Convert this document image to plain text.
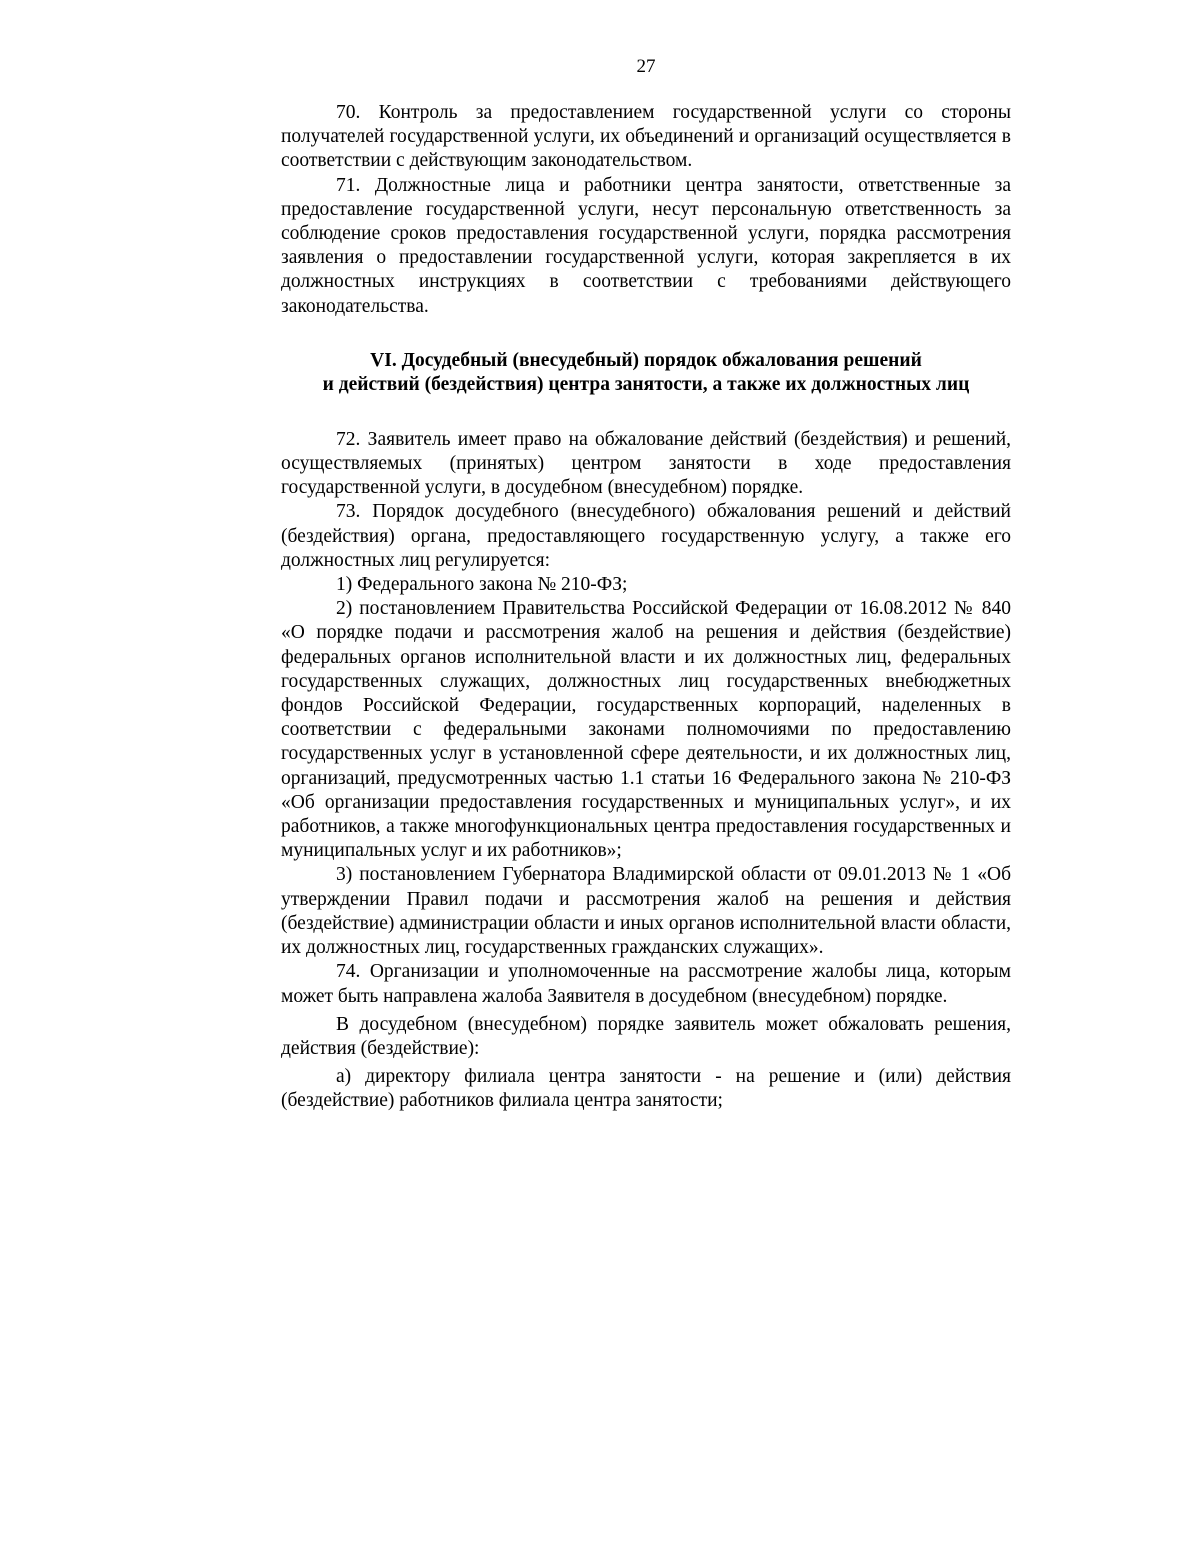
27

70. Контроль за предоставлением государственной услуги со стороны получателей государственной услуги, их объединений и организаций осуществляется в соответствии с действующим законодательством.

71. Должностные лица и работники центра занятости, ответственные за предоставление государственной услуги, несут персональную ответственность за соблюдение сроков предоставления государственной услуги, порядка рассмотрения заявления о предоставлении государственной услуги, которая закрепляется в их должностных инструкциях в соответствии с требованиями действующего законодательства.

VI. Досудебный (внесудебный) порядок обжалования решений
и действий (бездействия) центра занятости, а также их должностных лиц

72. Заявитель имеет право на обжалование действий (бездействия) и решений, осуществляемых (принятых) центром занятости в ходе предоставления государственной услуги, в досудебном (внесудебном) порядке.

73. Порядок досудебного (внесудебного) обжалования решений и действий (бездействия) органа, предоставляющего государственную услугу, а также его должностных лиц регулируется:

1) Федерального закона № 210-ФЗ;

2) постановлением Правительства Российской Федерации от 16.08.2012 № 840 «О порядке подачи и рассмотрения жалоб на решения и действия (бездействие) федеральных органов исполнительной власти и их должностных лиц, федеральных государственных служащих, должностных лиц государственных внебюджетных фондов Российской Федерации, государственных корпораций, наделенных в соответствии с федеральными законами полномочиями по предоставлению государственных услуг в установленной сфере деятельности, и их должностных лиц, организаций, предусмотренных частью 1.1 статьи 16 Федерального закона № 210-ФЗ «Об организации предоставления государственных и муниципальных услуг», и их работников, а также многофункциональных центра предоставления государственных и муниципальных услуг и их работников»;

3) постановлением Губернатора Владимирской области от 09.01.2013 № 1 «Об утверждении Правил подачи и рассмотрения жалоб на решения и действия (бездействие) администрации области и иных органов исполнительной власти области, их должностных лиц, государственных гражданских служащих».

74. Организации и уполномоченные на рассмотрение жалобы лица, которым может быть направлена жалоба Заявителя в досудебном (внесудебном) порядке.

В досудебном (внесудебном) порядке заявитель может обжаловать решения, действия (бездействие):

а) директору филиала центра занятости - на решение и (или) действия (бездействие) работников филиала центра занятости;
